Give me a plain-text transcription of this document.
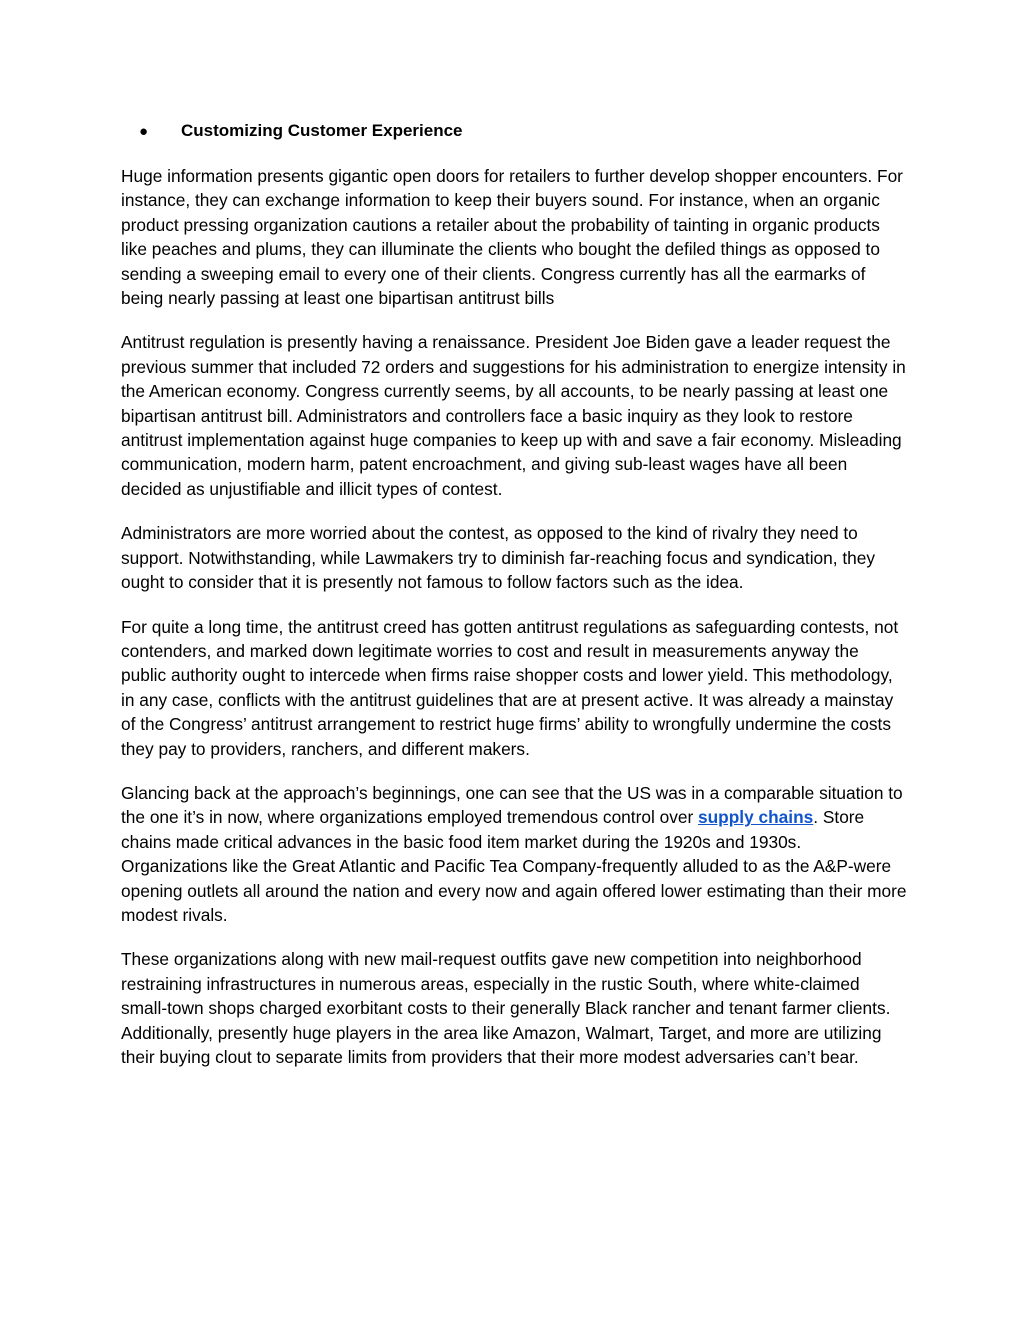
●	Customizing Customer Experience

Huge information presents gigantic open doors for retailers to further develop shopper encounters. For instance, they can exchange information to keep their buyers sound. For instance, when an organic product pressing organization cautions a retailer about the probability of tainting in organic products like peaches and plums, they can illuminate the clients who bought the defiled things as opposed to sending a sweeping email to every one of their clients. Congress currently has all the earmarks of being nearly passing at least one bipartisan antitrust bills

Antitrust regulation is presently having a renaissance. President Joe Biden gave a leader request the previous summer that included 72 orders and suggestions for his administration to energize intensity in the American economy. Congress currently seems, by all accounts, to be nearly passing at least one bipartisan antitrust bill. Administrators and controllers face a basic inquiry as they look to restore antitrust implementation against huge companies to keep up with and save a fair economy. Misleading communication, modern harm, patent encroachment, and giving sub-least wages have all been decided as unjustifiable and illicit types of contest.

Administrators are more worried about the contest, as opposed to the kind of rivalry they need to support. Notwithstanding, while Lawmakers try to diminish far-reaching focus and syndication, they ought to consider that it is presently not famous to follow factors such as the idea.

For quite a long time, the antitrust creed has gotten antitrust regulations as safeguarding contests, not contenders, and marked down legitimate worries to cost and result in measurements anyway the public authority ought to intercede when firms raise shopper costs and lower yield. This methodology, in any case, conflicts with the antitrust guidelines that are at present active. It was already a mainstay of the Congress’ antitrust arrangement to restrict huge firms’ ability to wrongfully undermine the costs they pay to providers, ranchers, and different makers.

Glancing back at the approach’s beginnings, one can see that the US was in a comparable situation to the one it’s in now, where organizations employed tremendous control over supply chains. Store chains made critical advances in the basic food item market during the 1920s and 1930s. Organizations like the Great Atlantic and Pacific Tea Company-frequently alluded to as the A&P-were opening outlets all around the nation and every now and again offered lower estimating than their more modest rivals.

These organizations along with new mail-request outfits gave new competition into neighborhood restraining infrastructures in numerous areas, especially in the rustic South, where white-claimed small-town shops charged exorbitant costs to their generally Black rancher and tenant farmer clients. Additionally, presently huge players in the area like Amazon, Walmart, Target, and more are utilizing their buying clout to separate limits from providers that their more modest adversaries can’t bear.
